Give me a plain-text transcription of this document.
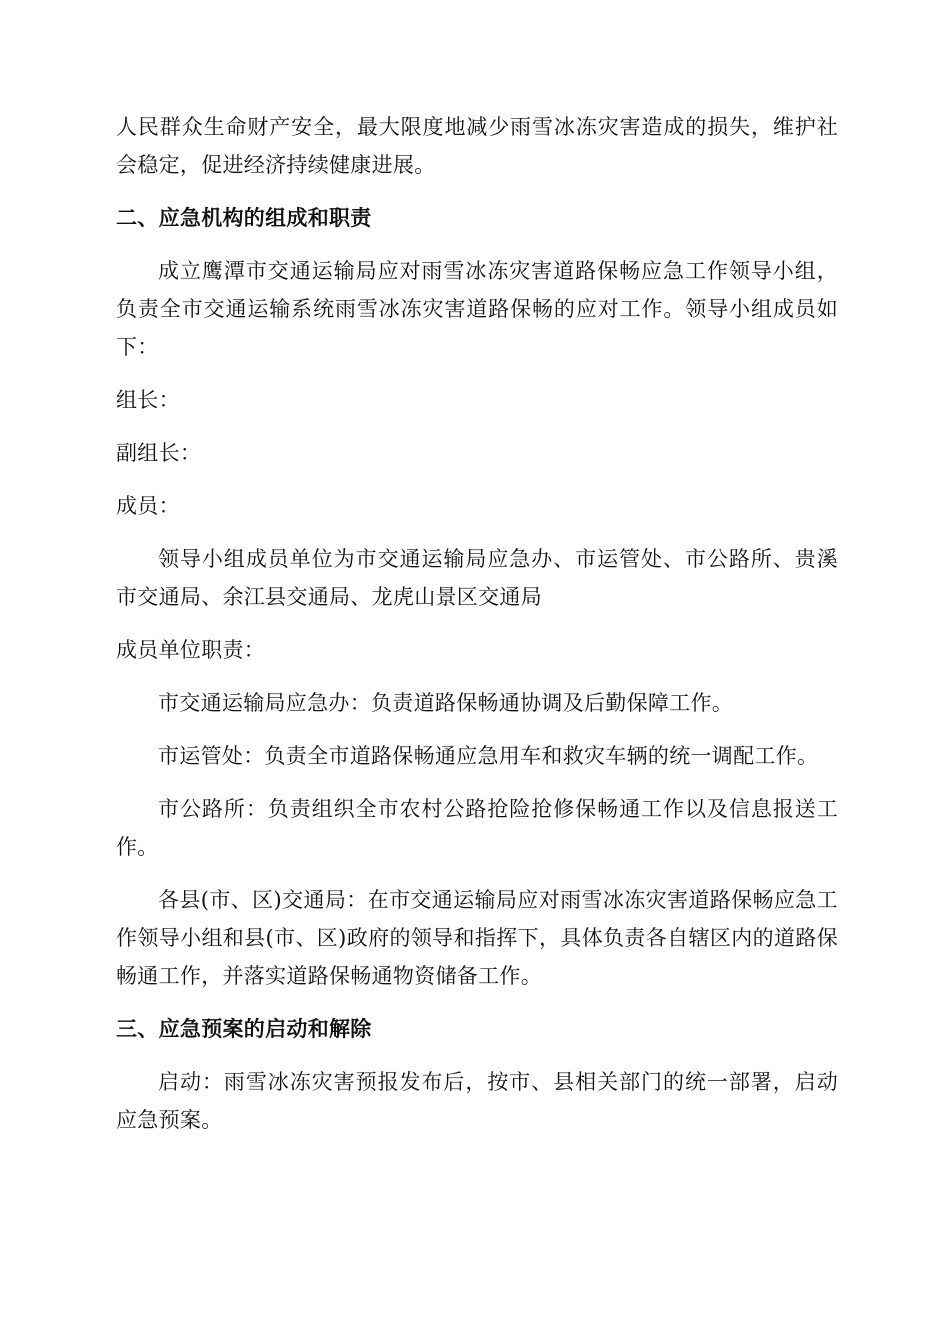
人民群众生命财产安全，最大限度地减少雨雪冰冻灾害造成的损失，维护社会稳定，促进经济持续健康进展。

二、应急机构的组成和职责

成立鹰潭市交通运输局应对雨雪冰冻灾害道路保畅应急工作领导小组，负责全市交通运输系统雨雪冰冻灾害道路保畅的应对工作。领导小组成员如下：

组长：

副组长：

成员：

领导小组成员单位为市交通运输局应急办、市运管处、市公路所、贵溪市交通局、余江县交通局、龙虎山景区交通局

成员单位职责：

市交通运输局应急办：负责道路保畅通协调及后勤保障工作。

市运管处：负责全市道路保畅通应急用车和救灾车辆的统一调配工作。

市公路所：负责组织全市农村公路抢险抢修保畅通工作以及信息报送工作。

各县(市、区)交通局：在市交通运输局应对雨雪冰冻灾害道路保畅应急工作领导小组和县(市、区)政府的领导和指挥下，具体负责各自辖区内的道路保畅通工作，并落实道路保畅通物资储备工作。

三、应急预案的启动和解除

启动：雨雪冰冻灾害预报发布后，按市、县相关部门的统一部署，启动应急预案。
